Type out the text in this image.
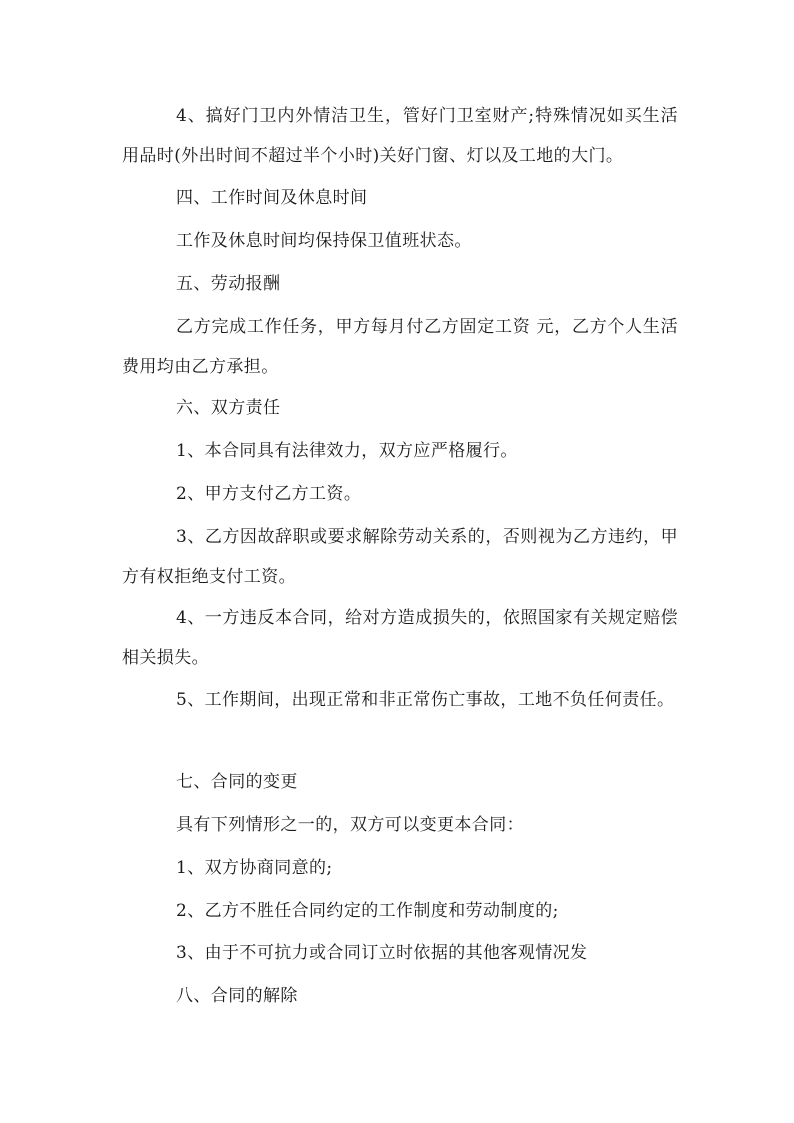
4、搞好门卫内外情洁卫生，管好门卫室财产;特殊情况如买生活用品时(外出时间不超过半个小时)关好门窗、灯以及工地的大门。

四、工作时间及休息时间

工作及休息时间均保持保卫值班状态。

五、劳动报酬

乙方完成工作任务，甲方每月付乙方固定工资 元，乙方个人生活费用均由乙方承担。

六、双方责任

1、本合同具有法律效力，双方应严格履行。

2、甲方支付乙方工资。

3、乙方因故辞职或要求解除劳动关系的，否则视为乙方违约，甲方有权拒绝支付工资。

4、一方违反本合同，给对方造成损失的，依照国家有关规定赔偿相关损失。

5、工作期间，出现正常和非正常伤亡事故，工地不负任何责任。

七、合同的变更

具有下列情形之一的，双方可以变更本合同：

1、双方协商同意的;

2、乙方不胜任合同约定的工作制度和劳动制度的;

3、由于不可抗力或合同订立时依据的其他客观情况发

八、合同的解除
